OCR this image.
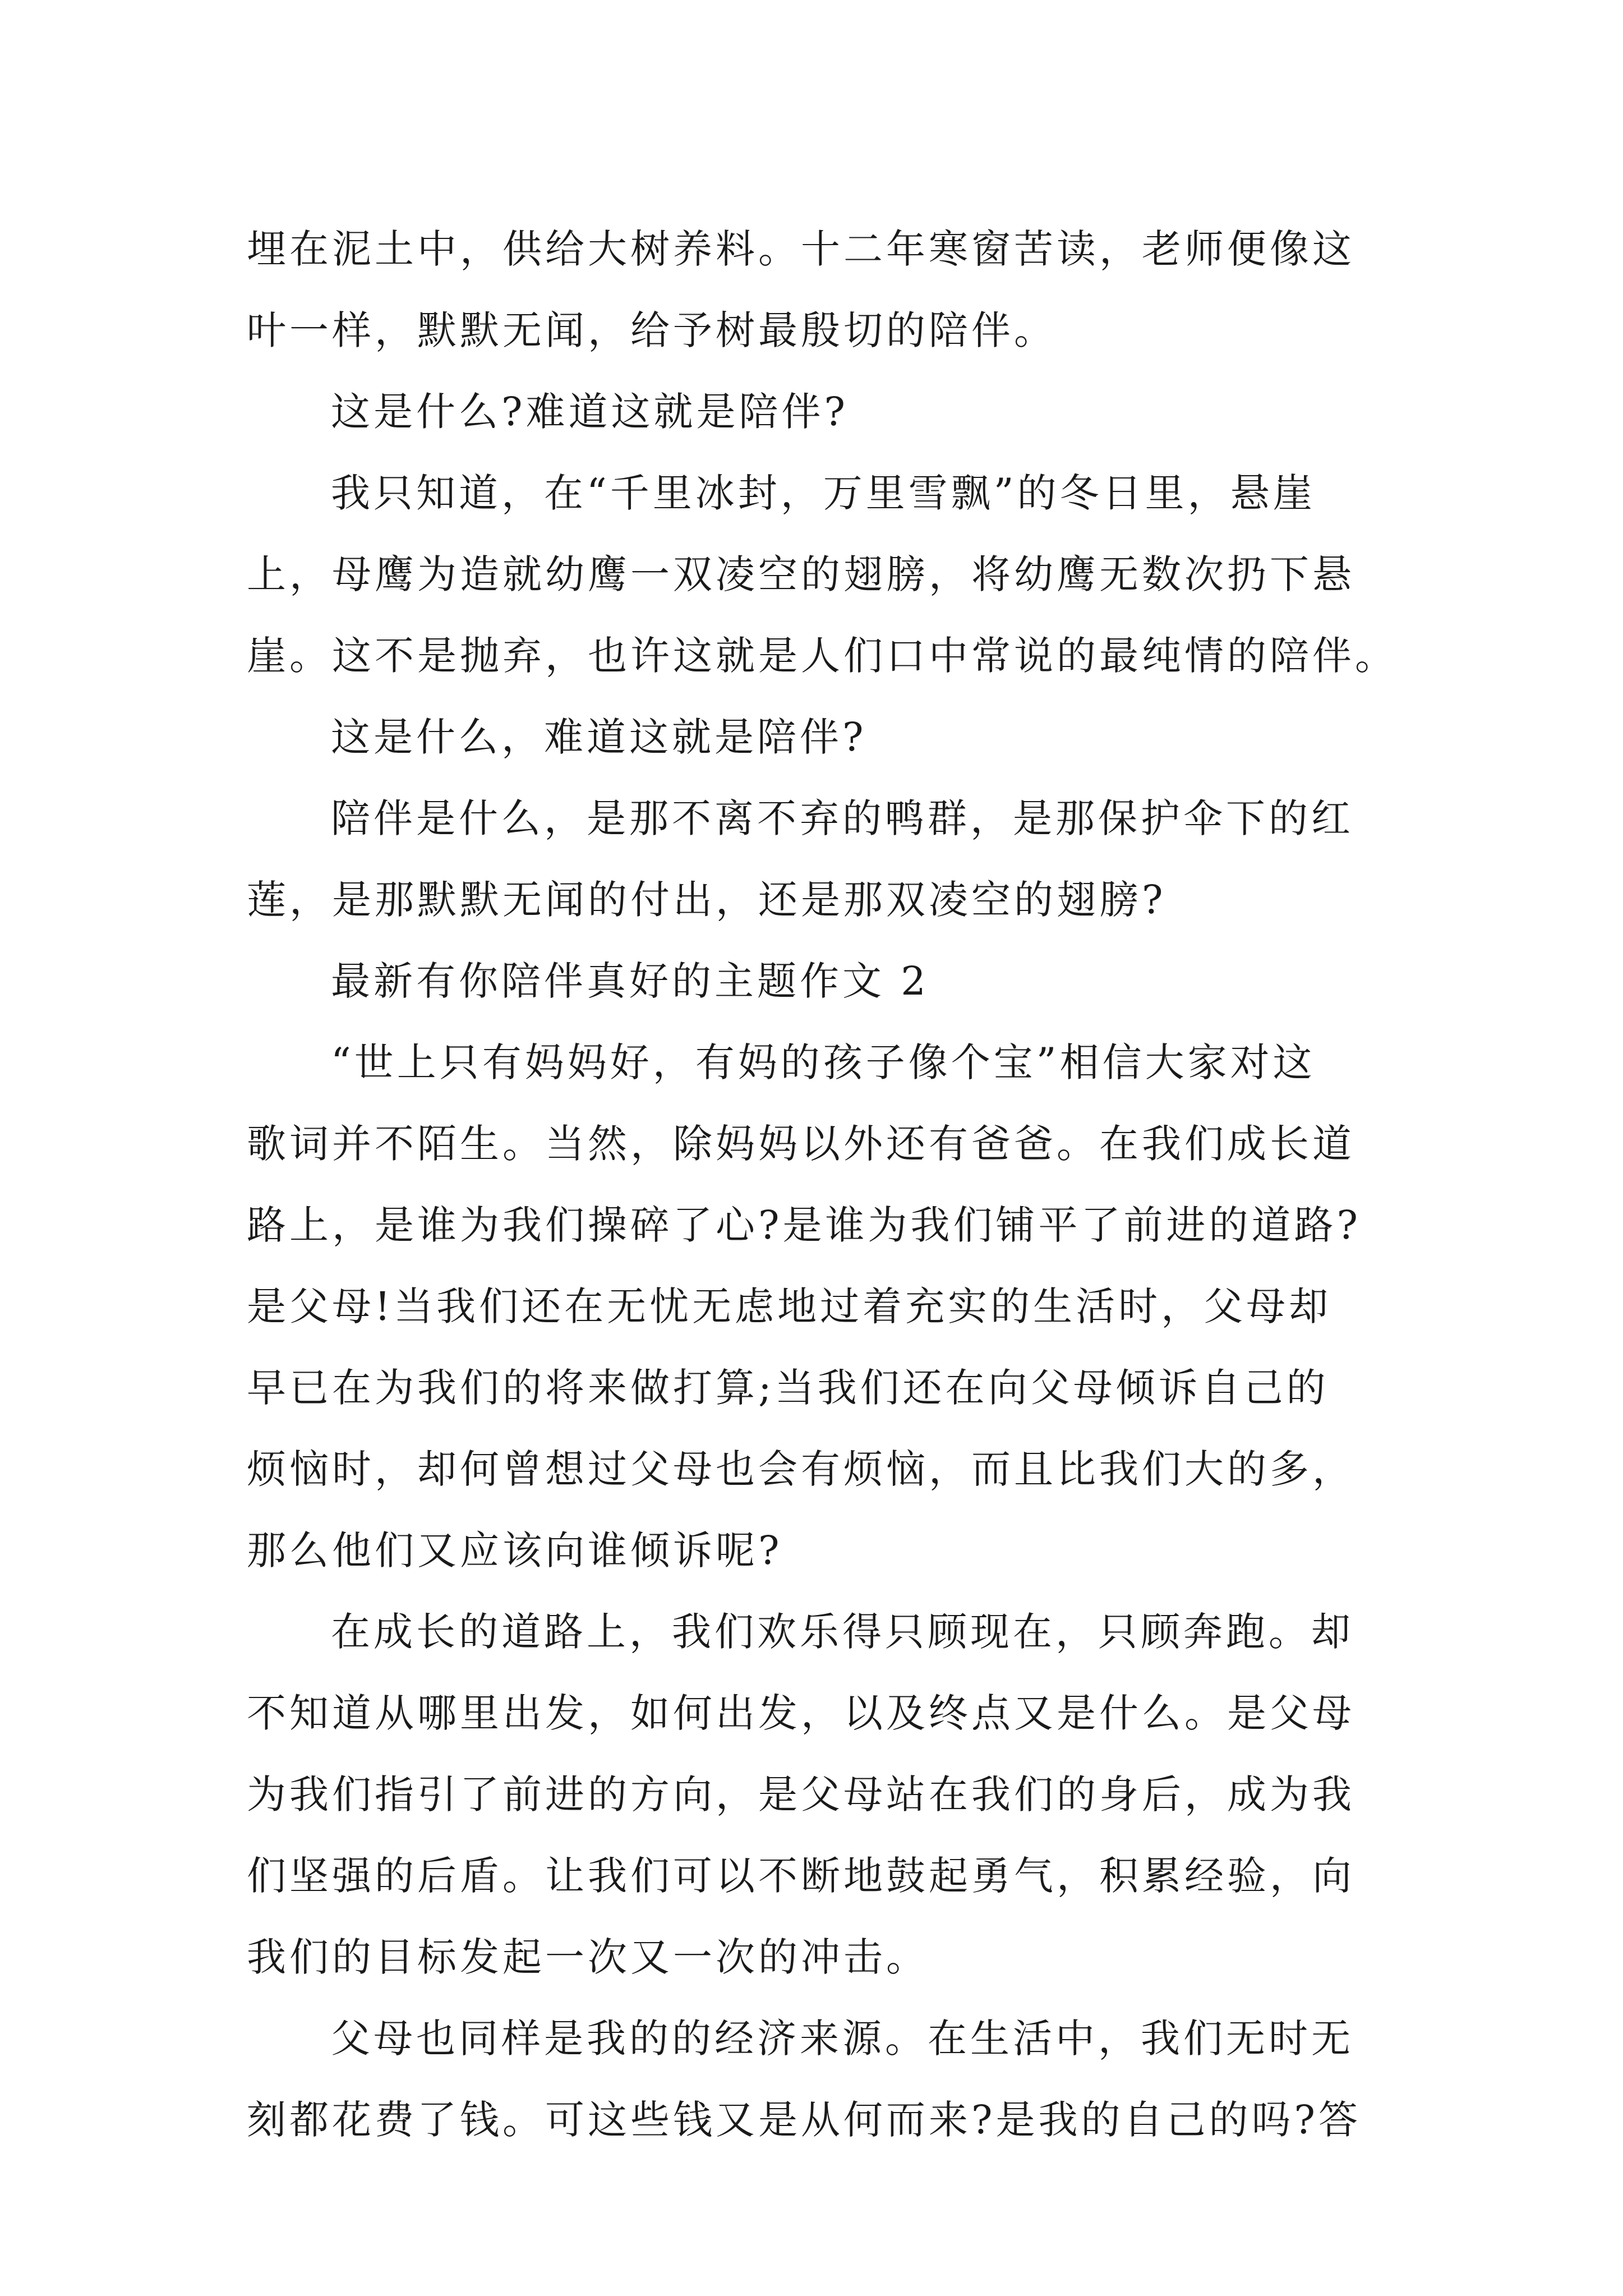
埋在泥土中，供给大树养料。十二年寒窗苦读，老师便像这
叶一样，默默无闻，给予树最殷切的陪伴。
这是什么?难道这就是陪伴?
我只知道，在“千里冰封，万里雪飘”的冬日里，悬崖
上，母鹰为造就幼鹰一双凌空的翅膀，将幼鹰无数次扔下悬
崖。这不是抛弃，也许这就是人们口中常说的最纯情的陪伴。
这是什么，难道这就是陪伴?
陪伴是什么，是那不离不弃的鸭群，是那保护伞下的红
莲，是那默默无闻的付出，还是那双凌空的翅膀?
最新有你陪伴真好的主题作文 2
“世上只有妈妈好，有妈的孩子像个宝”相信大家对这
歌词并不陌生。当然，除妈妈以外还有爸爸。在我们成长道
路上，是谁为我们操碎了心?是谁为我们铺平了前进的道路?
是父母!当我们还在无忧无虑地过着充实的生活时，父母却
早已在为我们的将来做打算;当我们还在向父母倾诉自己的
烦恼时，却何曾想过父母也会有烦恼，而且比我们大的多，
那么他们又应该向谁倾诉呢?
在成长的道路上，我们欢乐得只顾现在，只顾奔跑。却
不知道从哪里出发，如何出发，以及终点又是什么。是父母
为我们指引了前进的方向，是父母站在我们的身后，成为我
们坚强的后盾。让我们可以不断地鼓起勇气，积累经验，向
我们的目标发起一次又一次的冲击。
父母也同样是我的的经济来源。在生活中，我们无时无
刻都花费了钱。可这些钱又是从何而来?是我的自己的吗?答
